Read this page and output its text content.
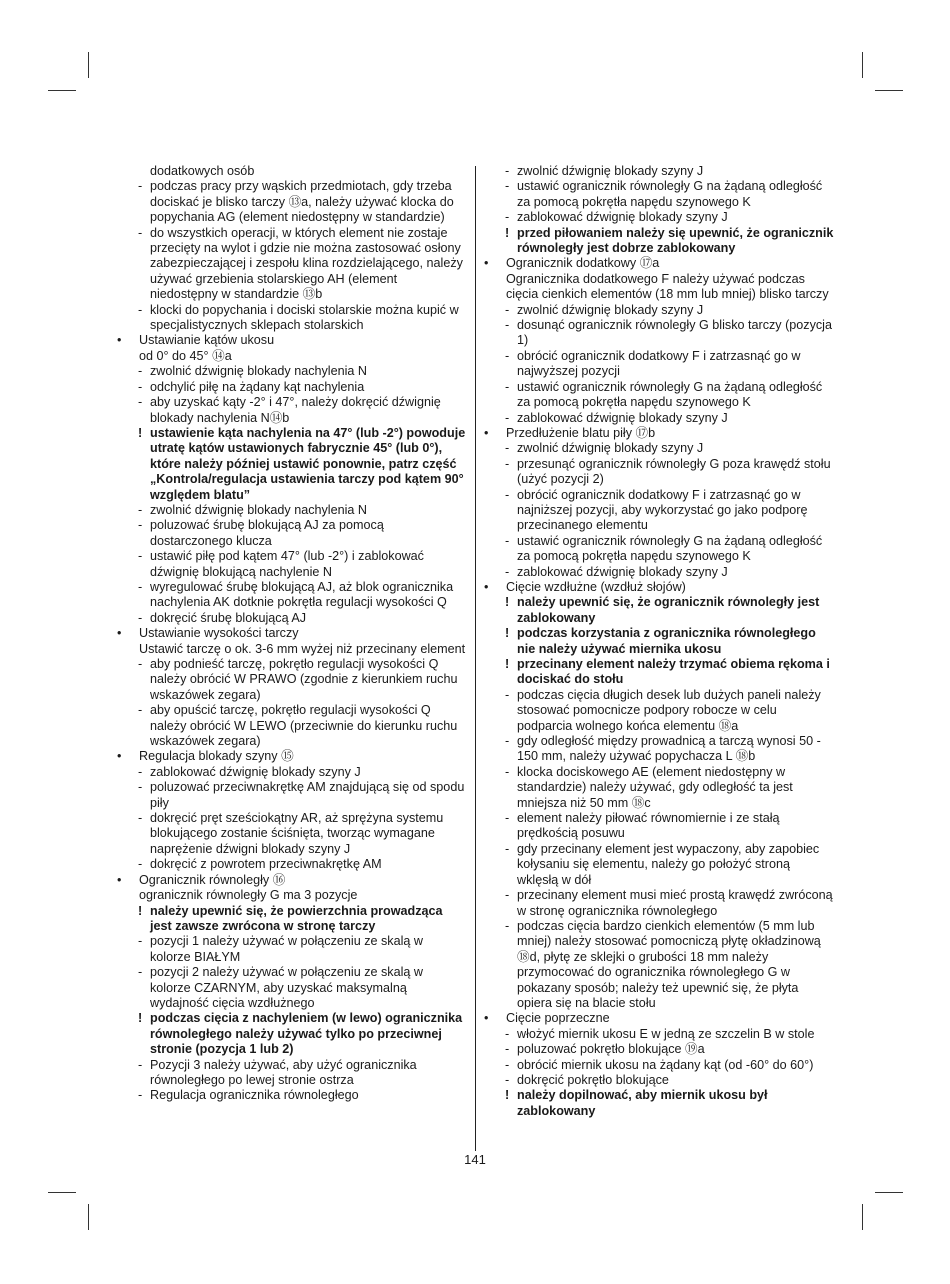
dodatkowych osób
- podczas pracy przy wąskich przedmiotach, gdy trzeba dociskać je blisko tarczy ⑬a, należy używać klocka do popychania AG (element niedostępny w standardzie)
- do wszystkich operacji, w których element nie zostaje przecięty na wylot i gdzie nie można zastosować osłony zabezpieczającej i zespołu klina rozdzielającego, należy używać grzebienia stolarskiego AH (element niedostępny w standardzie ⑬b
- klocki do popychania i dociski stolarskie można kupić w specjalistycznych sklepach stolarskich
•	Ustawianie kątów ukosu
od 0° do 45° ⑭a
- zwolnić dźwignię blokady nachylenia N
- odchylić piłę na żądany kąt nachylenia
- aby uzyskać kąty -2° i 47°, należy dokręcić dźwignię blokady nachylenia N⑭b
! ustawienie kąta nachylenia na 47° (lub -2°) powoduje utratę kątów ustawionych fabrycznie 45° (lub 0°), które należy później ustawić ponownie, patrz część „Kontrola/regulacja ustawienia tarczy pod kątem 90° względem blatu”
- zwolnić dźwignię blokady nachylenia N
- poluzować śrubę blokującą AJ za pomocą dostarczonego klucza
- ustawić piłę pod kątem 47° (lub -2°) i zablokować dźwignię blokującą nachylenie N
- wyregulować śrubę blokującą AJ, aż blok ogranicznika nachylenia AK dotknie pokrętła regulacji wysokości Q
- dokręcić śrubę blokującą AJ
•	Ustawianie wysokości tarczy
Ustawić tarczę o ok. 3-6 mm wyżej niż przecinany element
- aby podnieść tarczę, pokrętło regulacji wysokości Q należy obrócić W PRAWO (zgodnie z kierunkiem ruchu wskazówek zegara)
- aby opuścić tarczę, pokrętło regulacji wysokości Q należy obrócić W LEWO (przeciwnie do kierunku ruchu wskazówek zegara)
•	Regulacja blokady szyny ⑮
- zablokować dźwignię blokady szyny J
- poluzować przeciwnakrętkę AM znajdującą się od spodu piły
- dokręcić pręt sześciokątny AR, aż sprężyna systemu blokującego zostanie ściśnięta, tworząc wymagane naprężenie dźwigni blokady szyny J
- dokręcić z powrotem przeciwnakrętkę AM
•	Ogranicznik równoległy ⑯
ogranicznik równoległy G ma 3 pozycje
! należy upewnić się, że powierzchnia prowadząca jest zawsze zwrócona w stronę tarczy
- pozycji 1 należy używać w połączeniu ze skalą w kolorze BIAŁYM
- pozycji 2 należy używać w połączeniu ze skalą w kolorze CZARNYM, aby uzyskać maksymalną wydajność cięcia wzdłużnego
! podczas cięcia z nachyleniem (w lewo) ogranicznika równoległego należy używać tylko po przeciwnej stronie (pozycja 1 lub 2)
- Pozycji 3 należy używać, aby użyć ogranicznika równoległego po lewej stronie ostrza
- Regulacja ogranicznika równoległego
- zwolnić dźwignię blokady szyny J
- ustawić ogranicznik równoległy G na żądaną odległość za pomocą pokrętła napędu szynowego K
- zablokować dźwignię blokady szyny J
! przed piłowaniem należy się upewnić, że ogranicznik równoległy jest dobrze zablokowany
•	Ogranicznik dodatkowy ⑰a
Ogranicznika dodatkowego F należy używać podczas cięcia cienkich elementów (18 mm lub mniej) blisko tarczy
- zwolnić dźwignię blokady szyny J
- dosunąć ogranicznik równoległy G blisko tarczy (pozycja 1)
- obrócić ogranicznik dodatkowy F i zatrzasnąć go w najwyższej pozycji
- ustawić ogranicznik równoległy G na żądaną odległość za pomocą pokrętła napędu szynowego K
- zablokować dźwignię blokady szyny J
•	Przedłużenie blatu piły ⑰b
- zwolnić dźwignię blokady szyny J
- przesunąć ogranicznik równoległy G poza krawędź stołu (użyć pozycji 2)
- obrócić ogranicznik dodatkowy F i zatrzasnąć go w najniższej pozycji, aby wykorzystać go jako podporę przecinanego elementu
- ustawić ogranicznik równoległy G na żądaną odległość za pomocą pokrętła napędu szynowego K
- zablokować dźwignię blokady szyny J
•	Cięcie wzdłużne (wzdłuż słojów)
! należy upewnić się, że ogranicznik równoległy jest zablokowany
! podczas korzystania z ogranicznika równoległego nie należy używać miernika ukosu
! przecinany element należy trzymać obiema rękoma i dociskać do stołu
- podczas cięcia długich desek lub dużych paneli należy stosować pomocnicze podpory robocze w celu podparcia wolnego końca elementu ⑱a
- gdy odległość między prowadnicą a tarczą wynosi 50 - 150 mm, należy używać popychacza L ⑱b
- klocka dociskowego AE (element niedostępny w standardzie) należy używać, gdy odległość ta jest mniejsza niż 50 mm ⑱c
- element należy piłować równomiernie i ze stałą prędkością posuwu
- gdy przecinany element jest wypaczony, aby zapobiec kołysaniu się elementu, należy go położyć stroną wklęsłą w dół
- przecinany element musi mieć prostą krawędź zwróconą w stronę ogranicznika równoległego
- podczas cięcia bardzo cienkich elementów (5 mm lub mniej) należy stosować pomocniczą płytę okładzinową ⑱d, płytę ze sklejki o grubości 18 mm należy przymocować do ogranicznika równoległego G w pokazany sposób; należy też upewnić się, że płyta opiera się na blacie stołu
•	Cięcie poprzeczne
- włożyć miernik ukosu E w jedną ze szczelin B w stole
- poluzować pokrętło blokujące ⑲a
- obrócić miernik ukosu na żądany kąt (od -60° do 60°)
- dokręcić pokrętło blokujące
! należy dopilnować, aby miernik ukosu był zablokowany
141
